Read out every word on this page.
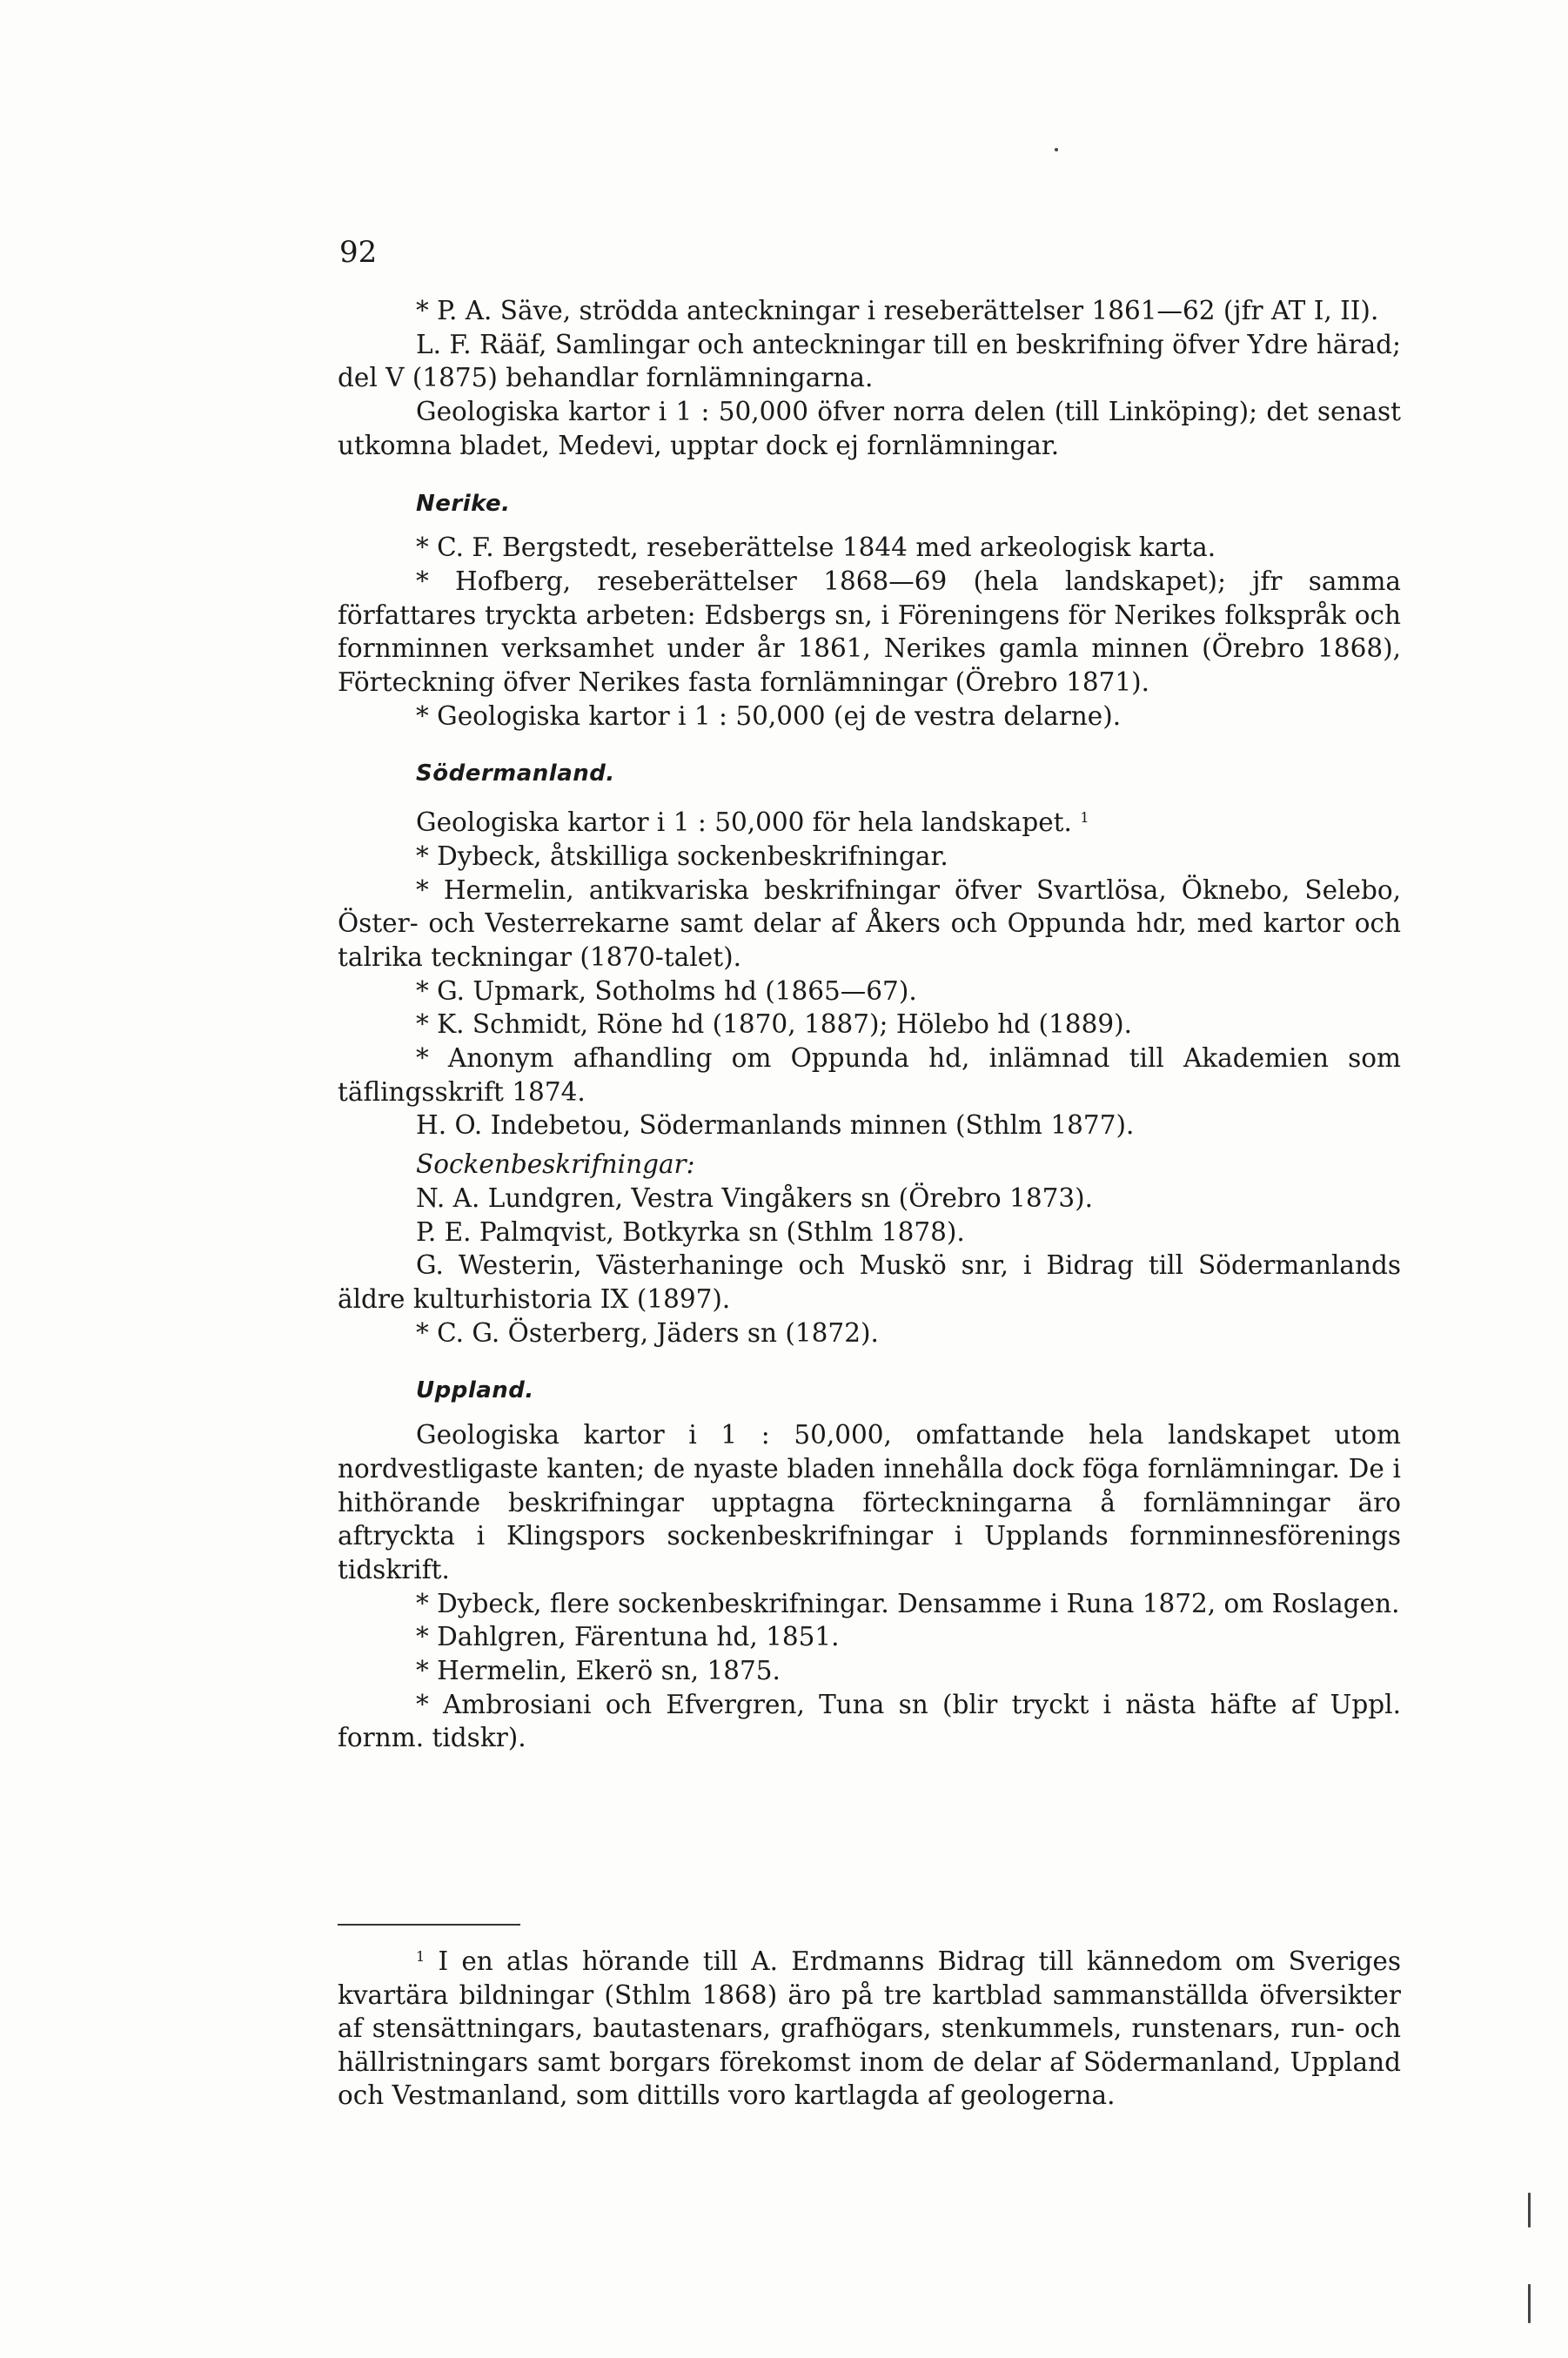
92

* P. A. Säve, strödda anteckningar i reseberättelser 1861—62 (jfr AT I, II).

L. F. Rääf, Samlingar och anteckningar till en beskrifning öfver Ydre härad; del V (1875) behandlar fornlämningarna.

Geologiska kartor i 1 : 50,000 öfver norra delen (till Linköping); det senast utkomna bladet, Medevi, upptar dock ej fornlämningar.

Nerike.

* C. F. Bergstedt, reseberättelse 1844 med arkeologisk karta.

* Hofberg, reseberättelser 1868—69 (hela landskapet); jfr samma författares tryckta arbeten: Edsbergs sn, i Föreningens för Nerikes folkspråk och fornminnen verksamhet under år 1861, Nerikes gamla minnen (Örebro 1868), Förteckning öfver Nerikes fasta fornlämningar (Örebro 1871).

* Geologiska kartor i 1 : 50,000 (ej de vestra delarne).

Södermanland.

Geologiska kartor i 1 : 50,000 för hela landskapet. $^1$

* Dybeck, åtskilliga sockenbeskrifningar.

* Hermelin, antikvariska beskrifningar öfver Svartlösa, Öknebo, Selebo, Öster- och Vesterrekarne samt delar af Åkers och Oppunda hdr, med kartor och talrika teckningar (1870-talet).

* G. Upmark, Sotholms hd (1865—67).

* K. Schmidt, Röne hd (1870, 1887); Hölebo hd (1889).

* Anonym afhandling om Oppunda hd, inlämnad till Akademien som täflingsskrift 1874.

H. O. Indebetou, Södermanlands minnen (Sthlm 1877).

Sockenbeskrifningar:

N. A. Lundgren, Vestra Vingåkers sn (Örebro 1873).

P. E. Palmqvist, Botkyrka sn (Sthlm 1878).

G. Westerin, Västerhaninge och Muskö snr, i Bidrag till Södermanlands äldre kulturhistoria IX (1897).

* C. G. Österberg, Jäders sn (1872).

Uppland.

Geologiska kartor i 1 : 50,000, omfattande hela landskapet utom nordvestligaste kanten; de nyaste bladen innehålla dock föga fornlämningar. De i hithörande beskrifningar upptagna förteckningarna å fornlämningar äro aftryckta i Klingspors sockenbeskrifningar i Upplands fornminnesförenings tidskrift.

* Dybeck, flere sockenbeskrifningar. Densamme i Runa 1872, om Roslagen.

* Dahlgren, Färentuna hd, 1851.

* Hermelin, Ekerö sn, 1875.

* Ambrosiani och Efvergren, Tuna sn (blir tryckt i nästa häfte af Uppl. fornm. tidskr).

$^1$ I en atlas hörande till A. Erdmanns Bidrag till kännedom om Sveriges kvartära bildningar (Sthlm 1868) äro på tre kartblad sammanställda öfversikter af stensättningars, bautastenars, grafhögars, stenkummels, runstenars, run- och hällristningars samt borgars förekomst inom de delar af Södermanland, Uppland och Vestmanland, som dittills voro kartlagda af geologerna.
